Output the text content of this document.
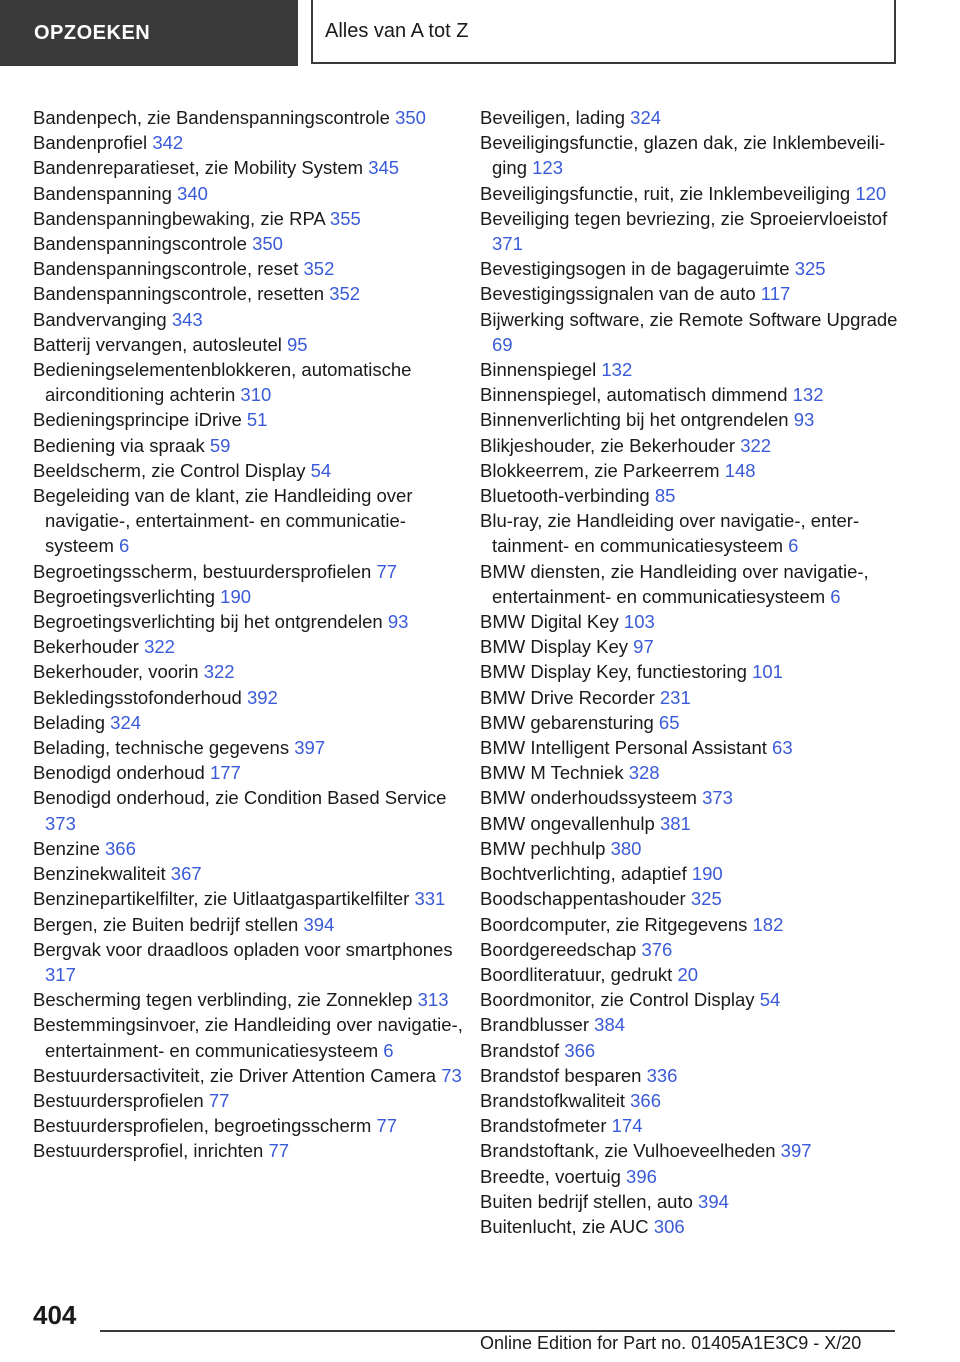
OPZOEKEN	Alles van A tot Z
Bandenpech, zie Bandenspanningscontrole 350
Bandenprofiel 342
Bandenreparatieset, zie Mobility System 345
Bandenspanning 340
Bandenspanningbewaking, zie RPA 355
Bandenspanningscontrole 350
Bandenspanningscontrole, reset 352
Bandenspanningscontrole, resetten 352
Bandvervanging 343
Batterij vervangen, autosleutel 95
Bedieningselementenblokkeren, automatische airconditioning achterin 310
Bedieningsprincipe iDrive 51
Bediening via spraak 59
Beeldscherm, zie Control Display 54
Begeleiding van de klant, zie Handleiding over navigatie-, entertainment- en communicatiesysteem 6
Begroetingsscherm, bestuurdersprofielen 77
Begroetingsverlichting 190
Begroetingsverlichting bij het ontgrendelen 93
Bekerhouder 322
Bekerhouder, voorin 322
Bekledingsstofonderhoud 392
Belading 324
Belading, technische gegevens 397
Benodigd onderhoud 177
Benodigd onderhoud, zie Condition Based Service 373
Benzine 366
Benzinekwaliteit 367
Benzinepartikelfilter, zie Uitlaatgaspartikelfilter 331
Bergen, zie Buiten bedrijf stellen 394
Bergvak voor draadloos opladen voor smartphones 317
Bescherming tegen verblinding, zie Zonneklep 313
Bestemmingsinvoer, zie Handleiding over navigatie-, entertainment- en communicatiesysteem 6
Bestuurdersactiviteit, zie Driver Attention Camera 73
Bestuurdersprofielen 77
Bestuurdersprofielen, begroetingsscherm 77
Bestuurdersprofiel, inrichten 77
Beveiligen, lading 324
Beveiligingsfunctie, glazen dak, zie Inklembeveiliging 123
Beveiligingsfunctie, ruit, zie Inklembeveiliging 120
Beveiliging tegen bevriezing, zie Sproeiervloeistof 371
Bevestigingsogen in de bagageruimte 325
Bevestigingssignalen van de auto 117
Bijwerking software, zie Remote Software Upgrade 69
Binnenspiegel 132
Binnenspiegel, automatisch dimmend 132
Binnenverlichting bij het ontgrendelen 93
Blikjeshouder, zie Bekerhouder 322
Blokkeerrem, zie Parkeerrem 148
Bluetooth-verbinding 85
Blu-ray, zie Handleiding over navigatie-, entertainment- en communicatiesysteem 6
BMW diensten, zie Handleiding over navigatie-, entertainment- en communicatiesysteem 6
BMW Digital Key 103
BMW Display Key 97
BMW Display Key, functiestoring 101
BMW Drive Recorder 231
BMW gebarensturing 65
BMW Intelligent Personal Assistant 63
BMW M Techniek 328
BMW onderhoudssysteem 373
BMW ongevallenhulp 381
BMW pechhulp 380
Bochtverlichting, adaptief 190
Boodschappentashouder 325
Boordcomputer, zie Ritgegevens 182
Boordgereedschap 376
Boordliteratuur, gedrukt 20
Boordmonitor, zie Control Display 54
Brandblusser 384
Brandstof 366
Brandstof besparen 336
Brandstofkwaliteit 366
Brandstofmeter 174
Brandstoftank, zie Vulhoeveelheden 397
Breedte, voertuig 396
Buiten bedrijf stellen, auto 394
Buitenlucht, zie AUC 306
404
Online Edition for Part no. 01405A1E3C9 - X/20
